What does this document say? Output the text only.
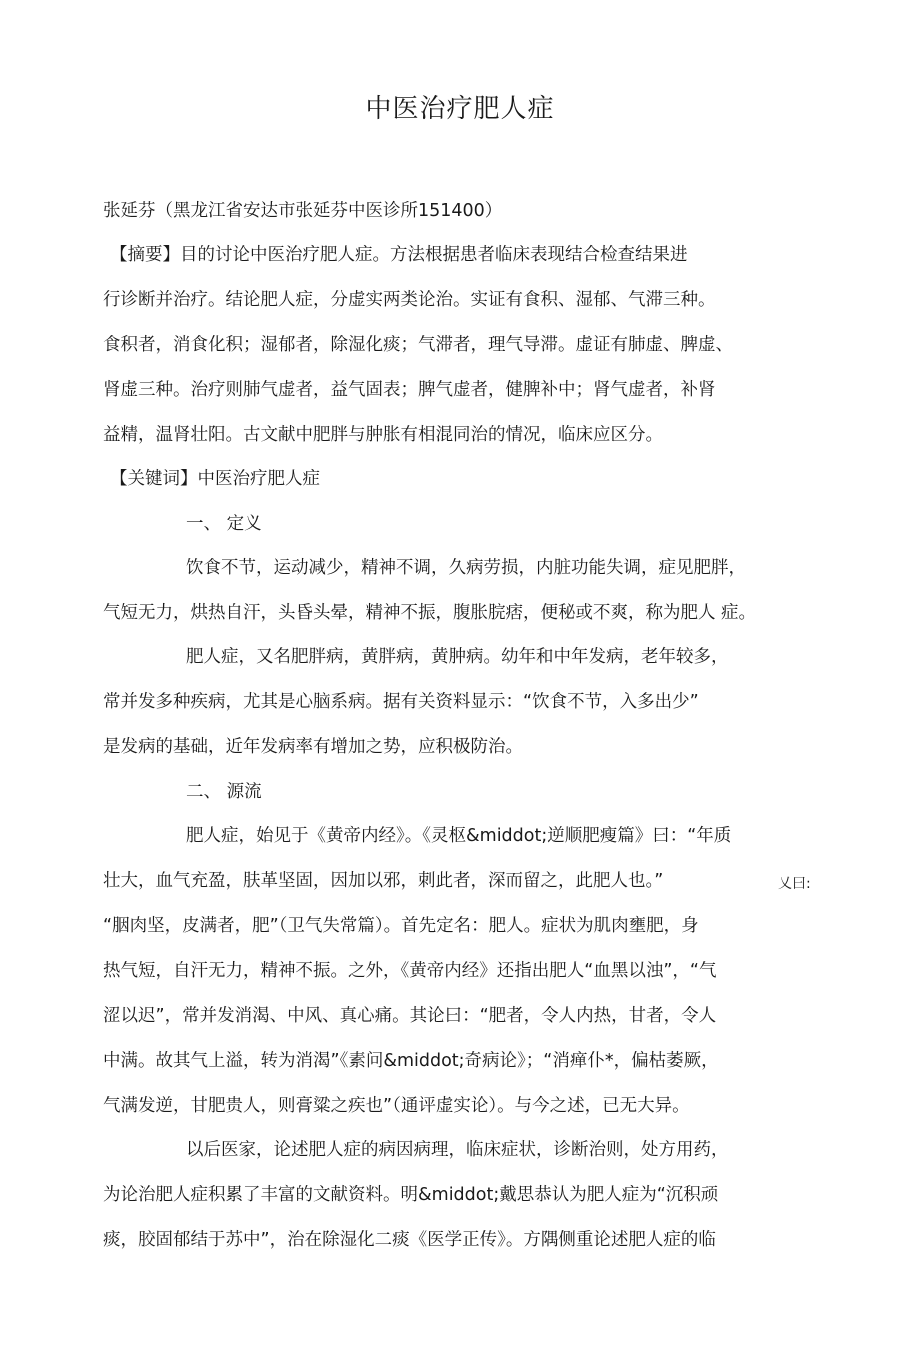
中医治疗肥人症
张延芬（黑龙江省安达市张延芬中医诊所151400）
【摘要】目的讨论中医治疗肥人症。方法根据患者临床表现结合检查结果进
行诊断并治疗。结论肥人症，分虚实两类论治。实证有食积、湿郁、气滞三种。
食积者，消食化积；湿郁者，除湿化痰；气滞者，理气导滞。虚证有肺虚、脾虚、
肾虚三种。治疗则肺气虚者，益气固表；脾气虚者，健脾补中；肾气虚者，补肾
益精，温肾壮阳。古文献中肥胖与肿胀有相混同治的情况，临床应区分。
【关键词】中医治疗肥人症
一、 定义
饮食不节，运动减少，精神不调，久病劳损，内脏功能失调，症见肥胖，
气短无力，烘热自汗，头昏头晕，精神不振，腹胀脘痞，便秘或不爽，称为肥人 症。
肥人症，又名肥胖病，黄胖病，黄肿病。幼年和中年发病，老年较多，
常并发多种疾病，尤其是心脑系病。据有关资料显示：“饮食不节，入多出少”
是发病的基础，近年发病率有增加之势，应积极防治。
二、 源流
肥人症，始见于《黄帝内经》。《灵枢&middot;逆顺肥瘦篇》曰：“年质
壮大，血气充盈，肤革坚固，因加以邪，刺此者，深而留之，此肥人也。”	乂曰:
“胭肉坚，皮满者，肥”（卫气失常篇）。首先定名：肥人。症状为肌肉壅肥，身
热气短，自汗无力，精神不振。之外，《黄帝内经》还指出肥人“血黑以浊”，“气
涩以迟”，常并发消渴、中风、真心痛。其论曰：“肥者，令人内热，甘者，令人
中满。故其气上溢，转为消渴”《素问&middot;奇病论》；“消瘅仆*，偏枯萎厥，
气满发逆，甘肥贵人，则膏粱之疾也”（通评虚实论）。与今之述，已无大异。
以后医家，论述肥人症的病因病理，临床症状，诊断治则，处方用药，
为论治肥人症积累了丰富的文献资料。明&middot;戴思恭认为肥人症为“沉积顽
痰，胶固郁结于苏中”，治在除湿化二痰《医学正传》。方隅侧重论述肥人症的临
